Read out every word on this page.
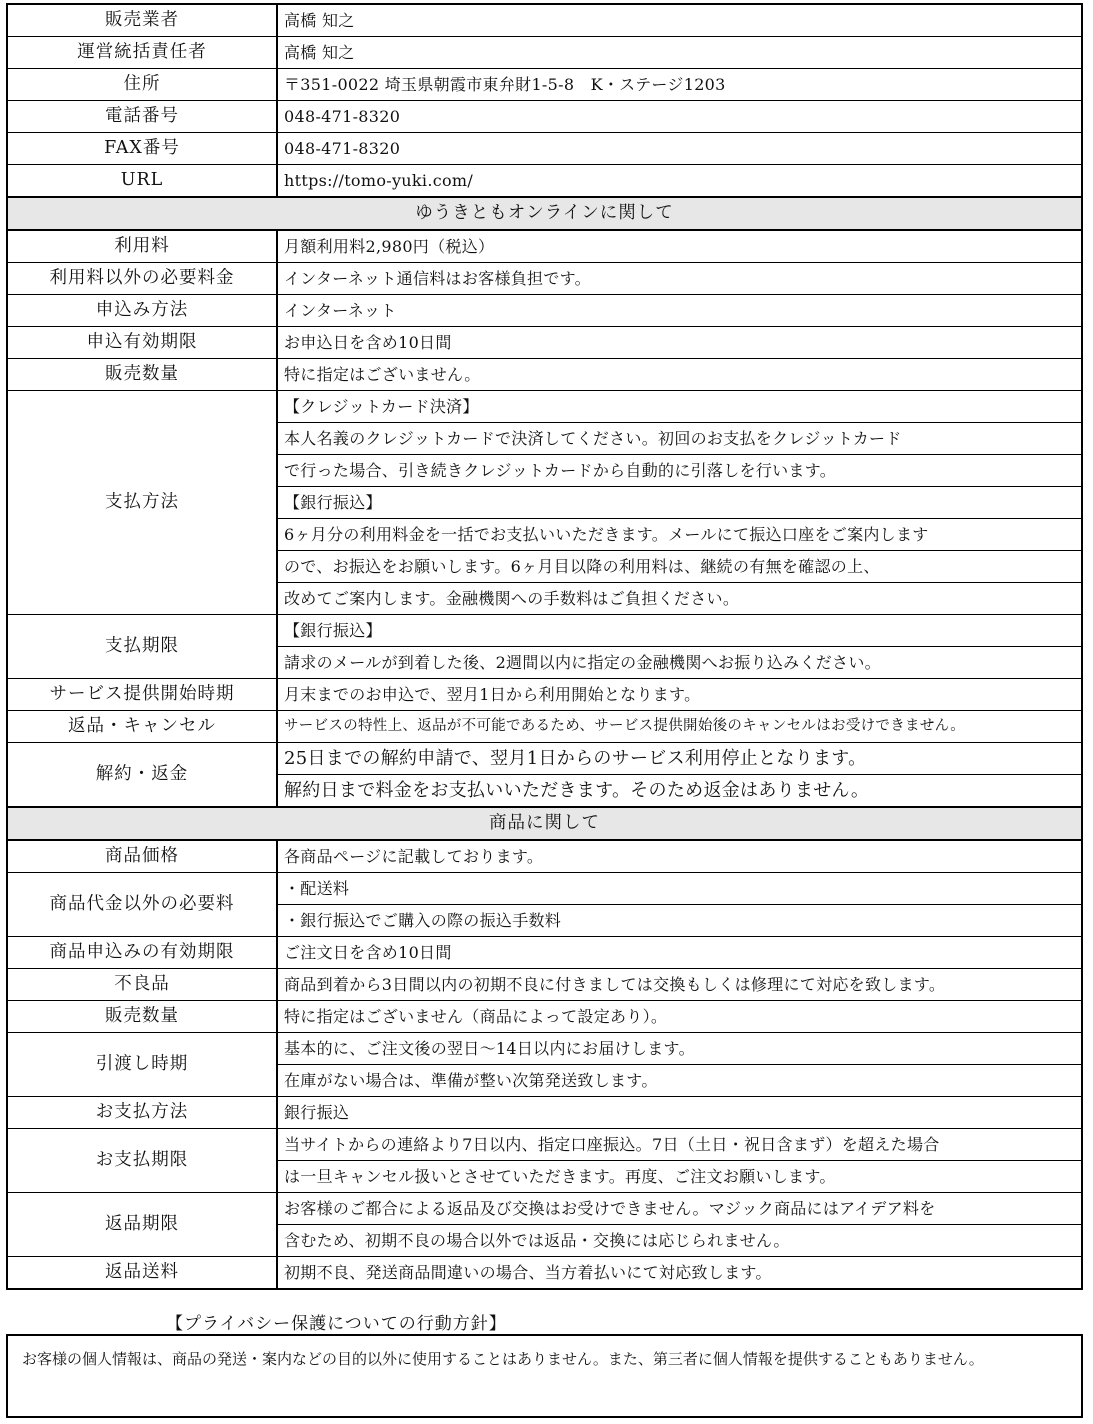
販売業者	高橋 知之
運営統括責任者	高橋 知之
住所	〒351-0022 埼玉県朝霞市東弁財1-5-8　K・ステージ1203
電話番号	048-471-8320
FAX番号	048-471-8320
URL	https://tomo-yuki.com/
ゆうきともオンラインに関して	
利用料	月額利用料2,980円（税込）
利用料以外の必要料金	インターネット通信料はお客様負担です。
申込み方法	インターネット
申込有効期限	お申込日を含め10日間
販売数量	特に指定はございません。
支払方法	【クレジットカード決済】
	本人名義のクレジットカードで決済してください。初回のお支払をクレジットカード
	で行った場合、引き続きクレジットカードから自動的に引落しを行います。
	【銀行振込】
	6ヶ月分の利用料金を一括でお支払いいただきます。メールにて振込口座をご案内します
	ので、お振込をお願いします。6ヶ月目以降の利用料は、継続の有無を確認の上、
	改めてご案内します。金融機関への手数料はご負担ください。
支払期限	【銀行振込】
	請求のメールが到着した後、2週間以内に指定の金融機関へお振り込みください。
サービス提供開始時期	月末までのお申込で、翌月1日から利用開始となります。
返品・キャンセル	サービスの特性上、返品が不可能であるため、サービス提供開始後のキャンセルはお受けできません。
解約・返金	25日までの解約申請で、翌月1日からのサービス利用停止となります。
	解約日まで料金をお支払いいただきます。そのため返金はありません。
商品に関して	
商品価格	各商品ページに記載しております。
商品代金以外の必要料	・配送料
	・銀行振込でご購入の際の振込手数料
商品申込みの有効期限	ご注文日を含め10日間
不良品	商品到着から3日間以内の初期不良に付きましては交換もしくは修理にて対応を致します。
販売数量	特に指定はございません（商品によって設定あり）。
引渡し時期	基本的に、ご注文後の翌日～14日以内にお届けします。
	在庫がない場合は、準備が整い次第発送致します。
お支払方法	銀行振込
お支払期限	当サイトからの連絡より7日以内、指定口座振込。7日（土日・祝日含まず）を超えた場合
	は一旦キャンセル扱いとさせていただきます。再度、ご注文お願いします。
返品期限	お客様のご都合による返品及び交換はお受けできません。マジック商品にはアイデア料を
	含むため、初期不良の場合以外では返品・交換には応じられません。
返品送料	初期不良、発送商品間違いの場合、当方着払いにて対応致します。
【プライバシー保護についての行動方針】
お客様の個人情報は、商品の発送・案内などの目的以外に使用することはありません。また、第三者に個人情報を提供することもありません。
